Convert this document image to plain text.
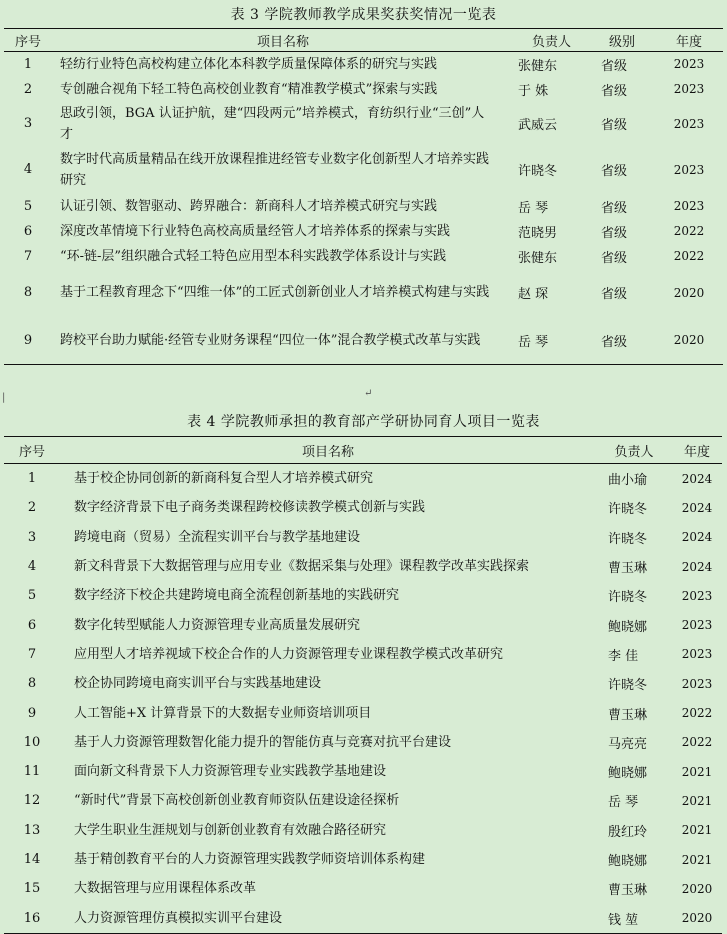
表 3 学院教师教学成果奖获奖情况一览表
序号	项目名称	负责人	级别	年度
1	轻纺行业特色高校构建立体化本科教学质量保障体系的研究与实践	张健东	省级	2023
2	专创融合视角下轻工特色高校创业教育“精准教学模式”探索与实践	于 姝	省级	2023
3	思政引领，BGA 认证护航，建“四段两元”培养模式，育纺织行业“三创”人才	武威云	省级	2023
4	数字时代高质量精品在线开放课程推进经管专业数字化创新型人才培养实践研究	许晓冬	省级	2023
5	认证引领、数智驱动、跨界融合：新商科人才培养模式研究与实践	岳 琴	省级	2023
6	深度改革情境下行业特色高校高质量经管人才培养体系的探索与实践	范晓男	省级	2022
7	“环-链-层”组织融合式轻工特色应用型本科实践教学体系设计与实践	张健东	省级	2022
8	基于工程教育理念下“四维一体”的工匠式创新创业人才培养模式构建与实践	赵 琛	省级	2020
9	跨校平台助力赋能·经管专业财务课程“四位一体”混合教学模式改革与实践	岳 琴	省级	2020
|	↵
表 4 学院教师承担的教育部产学研协同育人项目一览表
序号	项目名称	负责人	年度
1	基于校企协同创新的新商科复合型人才培养模式研究	曲小瑜	2024
2	数字经济背景下电子商务类课程跨校修读教学模式创新与实践	许晓冬	2024
3	跨境电商（贸易）全流程实训平台与教学基地建设	许晓冬	2024
4	新文科背景下大数据管理与应用专业《数据采集与处理》课程教学改革实践探索	曹玉琳	2024
5	数字经济下校企共建跨境电商全流程创新基地的实践研究	许晓冬	2023
6	数字化转型赋能人力资源管理专业高质量发展研究	鲍晓娜	2023
7	应用型人才培养视域下校企合作的人力资源管理专业课程教学模式改革研究	李 佳	2023
8	校企协同跨境电商实训平台与实践基地建设	许晓冬	2023
9	人工智能+X 计算背景下的大数据专业师资培训项目	曹玉琳	2022
10	基于人力资源管理数智化能力提升的智能仿真与竞赛对抗平台建设	马亮亮	2022
11	面向新文科背景下人力资源管理专业实践教学基地建设	鲍晓娜	2021
12	“新时代”背景下高校创新创业教育师资队伍建设途径探析	岳 琴	2021
13	大学生职业生涯规划与创新创业教育有效融合路径研究	殷红玲	2021
14	基于精创教育平台的人力资源管理实践教学师资培训体系构建	鲍晓娜	2021
15	大数据管理与应用课程体系改革	曹玉琳	2020
16	人力资源管理仿真模拟实训平台建设	钱 堃	2020
